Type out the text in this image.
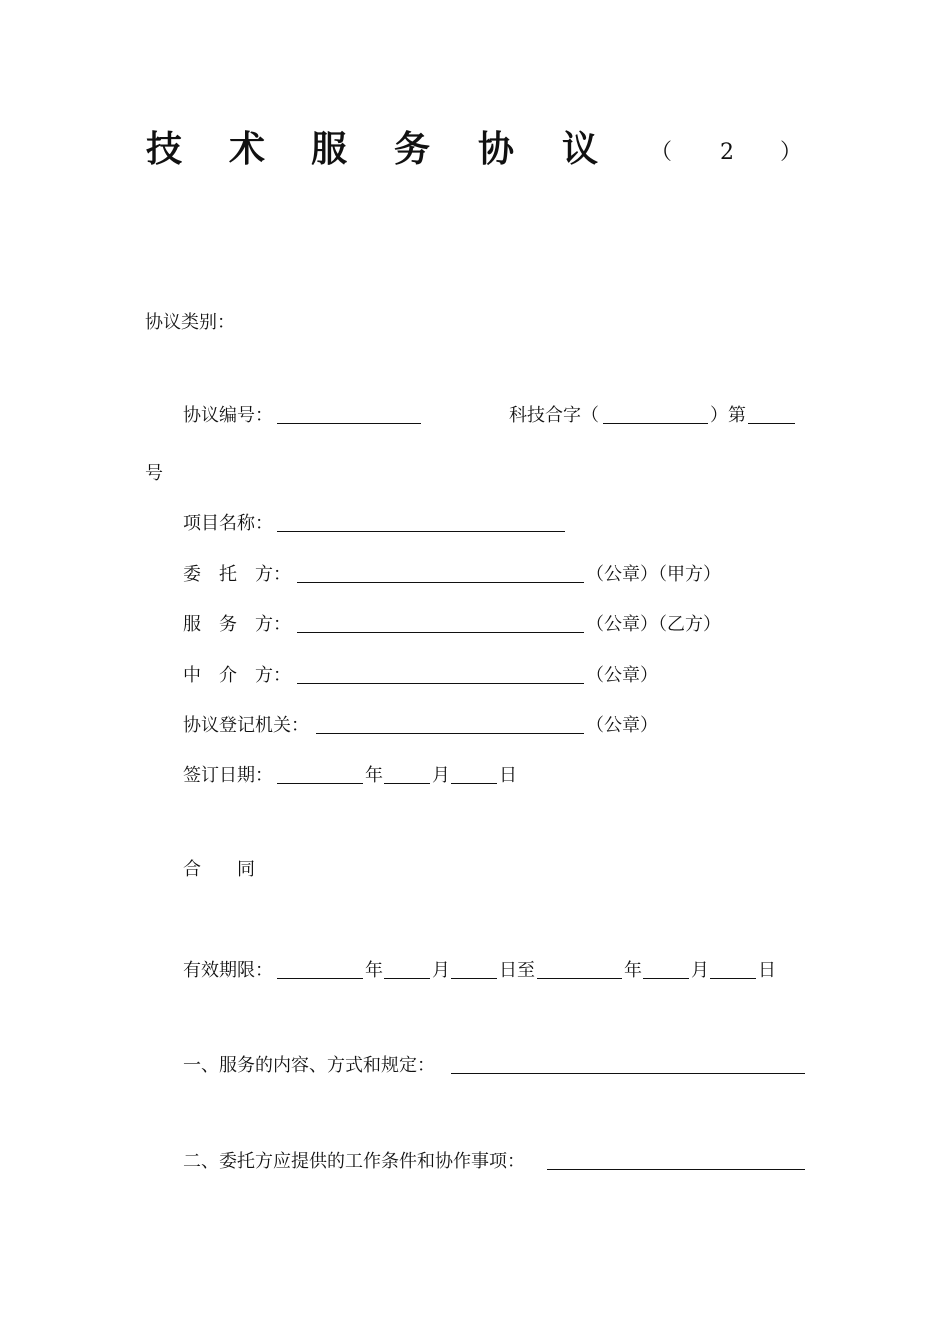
技 术 服 务 协 议 （ 2 ）
协议类别：
协议编号：	科技合字（	）第
号
项目名称：
委　托　方：	（公章）（甲方）
服　务　方：	（公章）（乙方）
中　介　方：	（公章）
协议登记机关：	（公章）
签订日期：	年	月	日
合　　同
有效期限：	年	月	日至	年	月	日
一、服务的内容、方式和规定：
二、委托方应提供的工作条件和协作事项：
